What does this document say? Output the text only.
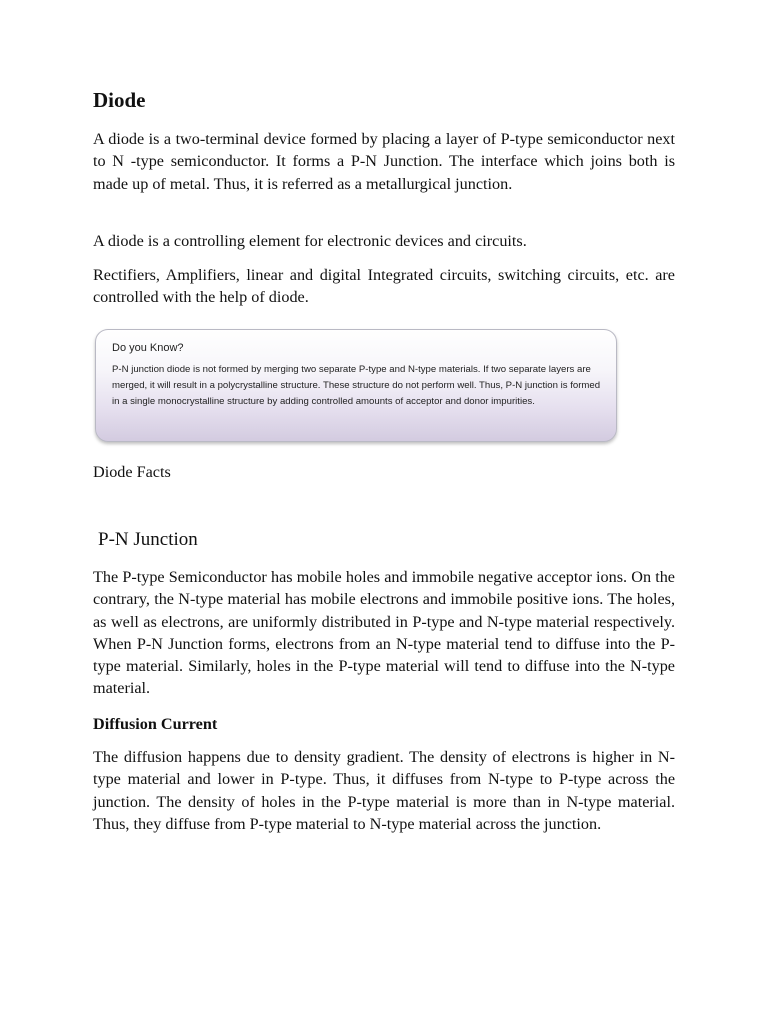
Diode

A diode is a two-terminal device formed by placing a layer of P-type semiconductor next to N -type semiconductor. It forms a P-N Junction. The interface which joins both is made up of metal. Thus, it is referred as a metallurgical junction.

A diode is a controlling element for electronic devices and circuits.

Rectifiers, Amplifiers, linear and digital Integrated circuits, switching circuits, etc. are controlled with the help of diode.

Do you Know?

P-N junction diode is not formed by merging two separate P-type and N-type materials. If two separate layers are merged, it will result in a polycrystalline structure. These structure do not perform well. Thus, P-N junction is formed in a single monocrystalline structure by adding controlled amounts of acceptor and donor impurities.

Diode Facts

P-N Junction

The P-type Semiconductor has mobile holes and immobile negative acceptor ions. On the contrary, the N-type material has mobile electrons and immobile positive ions. The holes, as well as electrons, are uniformly distributed in P-type and N-type material respectively. When P-N Junction forms, electrons from an N-type material tend to diffuse into the P-type material. Similarly, holes in the P-type material will tend to diffuse into the N-type material.

Diffusion Current

The diffusion happens due to density gradient. The density of electrons is higher in N-type material and lower in P-type. Thus, it diffuses from N-type to P-type across the junction. The density of holes in the P-type material is more than in N-type material. Thus, they diffuse from P-type material to N-type material across the junction.
